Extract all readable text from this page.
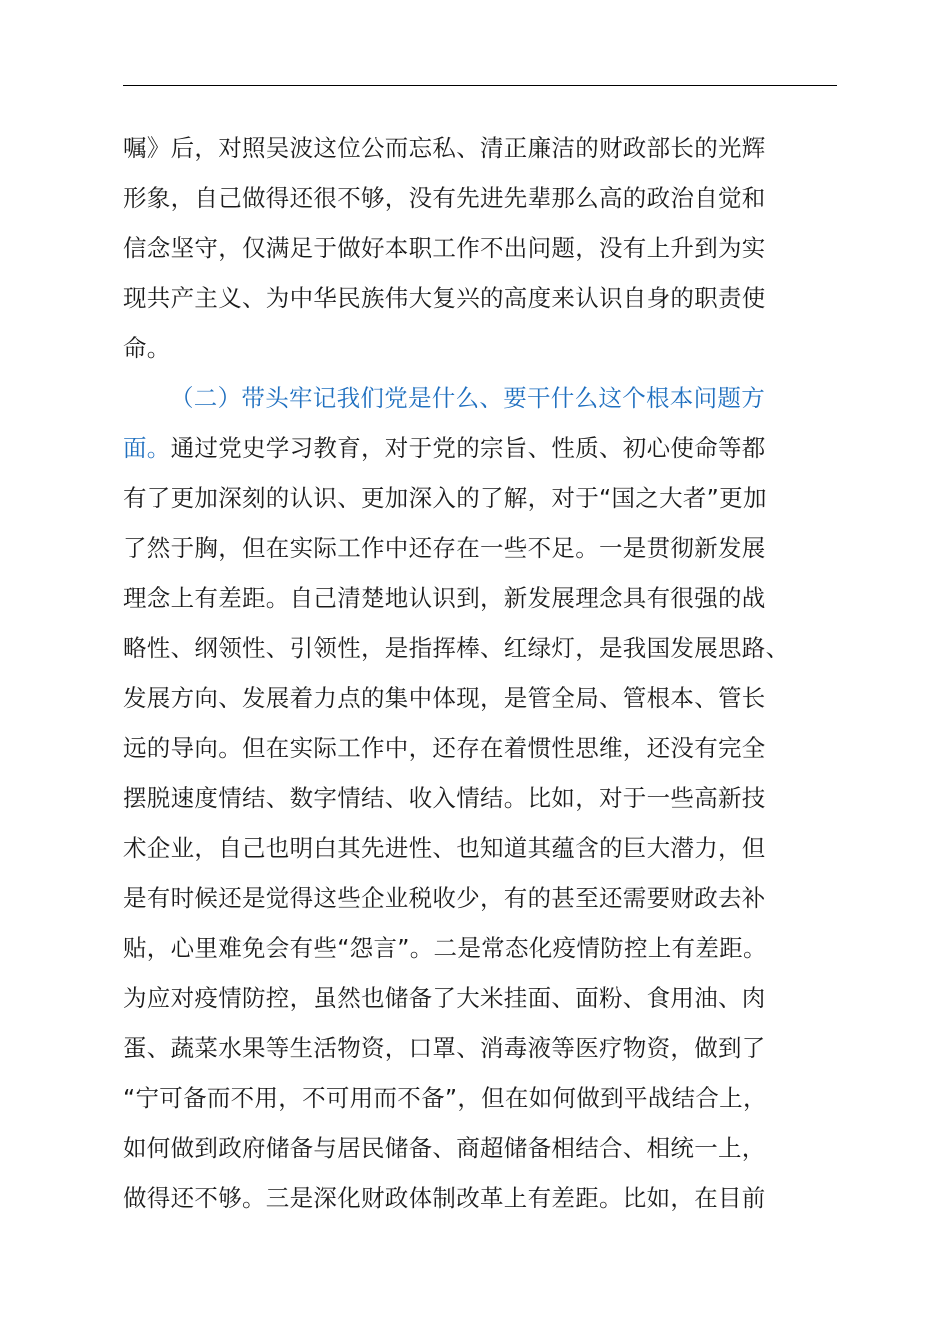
嘱》后，对照吴波这位公而忘私、清正廉洁的财政部长的光辉
形象，自己做得还很不够，没有先进先辈那么高的政治自觉和
信念坚守，仅满足于做好本职工作不出问题，没有上升到为实
现共产主义、为中华民族伟大复兴的高度来认识自身的职责使
命。
（二）带头牢记我们党是什么、要干什么这个根本问题方
面。通过党史学习教育，对于党的宗旨、性质、初心使命等都
有了更加深刻的认识、更加深入的了解，对于“国之大者”更加
了然于胸，但在实际工作中还存在一些不足。一是贯彻新发展
理念上有差距。自己清楚地认识到，新发展理念具有很强的战
略性、纲领性、引领性，是指挥棒、红绿灯，是我国发展思路、
发展方向、发展着力点的集中体现，是管全局、管根本、管长
远的导向。但在实际工作中，还存在着惯性思维，还没有完全
摆脱速度情结、数字情结、收入情结。比如，对于一些高新技
术企业，自己也明白其先进性、也知道其蕴含的巨大潜力，但
是有时候还是觉得这些企业税收少，有的甚至还需要财政去补
贴，心里难免会有些“怨言”。二是常态化疫情防控上有差距。
为应对疫情防控，虽然也储备了大米挂面、面粉、食用油、肉
蛋、蔬菜水果等生活物资，口罩、消毒液等医疗物资，做到了
“宁可备而不用，不可用而不备”，但在如何做到平战结合上，
如何做到政府储备与居民储备、商超储备相结合、相统一上，
做得还不够。三是深化财政体制改革上有差距。比如，在目前
